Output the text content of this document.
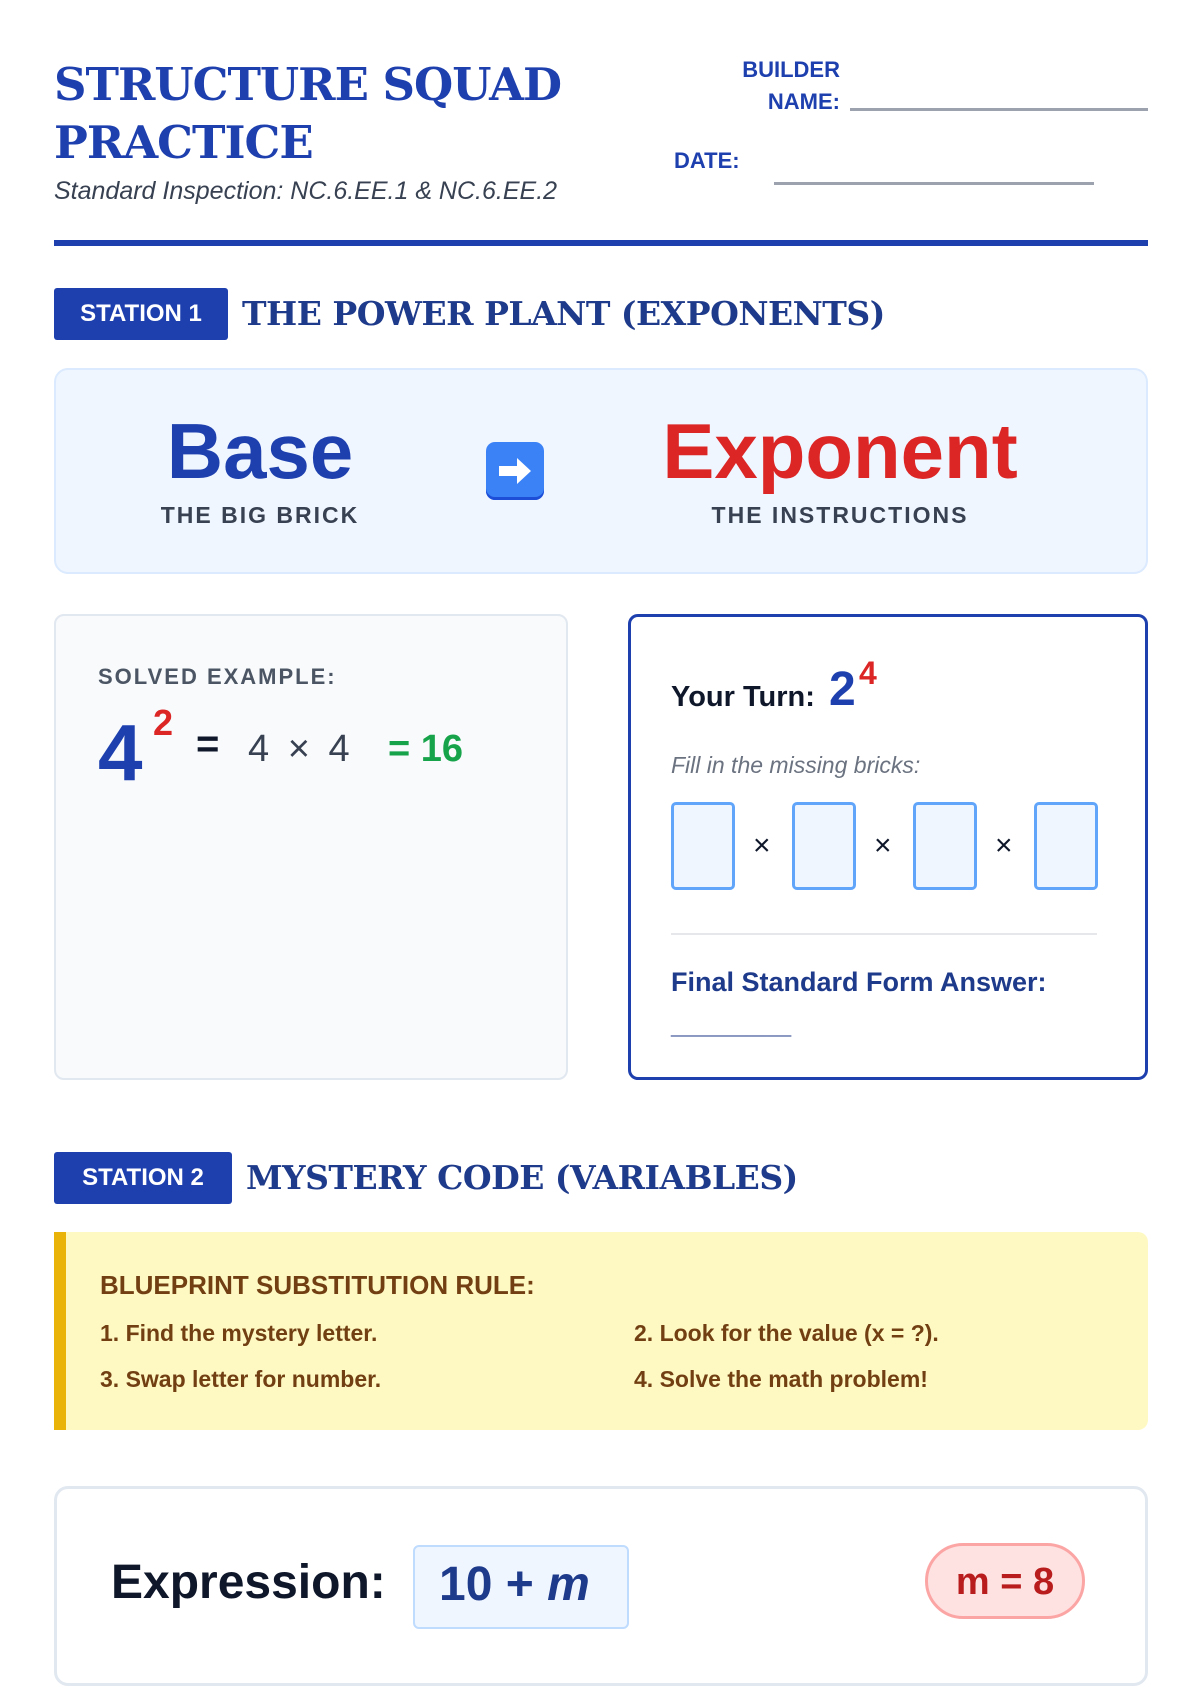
STRUCTURE SQUAD
PRACTICE
Standard Inspection: NC.6.EE.1 & NC.6.EE.2
BUILDER
NAME:
DATE:
STATION 1	THE POWER PLANT (EXPONENTS)
Base
THE BIG BRICK
Exponent
THE INSTRUCTIONS
SOLVED EXAMPLE:
4 2 = 4 × 4 = 16
Your Turn: 2 4
Fill in the missing bricks:
×	×	×
Final Standard Form Answer:
________
STATION 2	MYSTERY CODE (VARIABLES)
BLUEPRINT SUBSTITUTION RULE:
1. Find the mystery letter.	2. Look for the value (x = ?).
3. Swap letter for number.	4. Solve the math problem!
Expression: 10 + m	m = 8
